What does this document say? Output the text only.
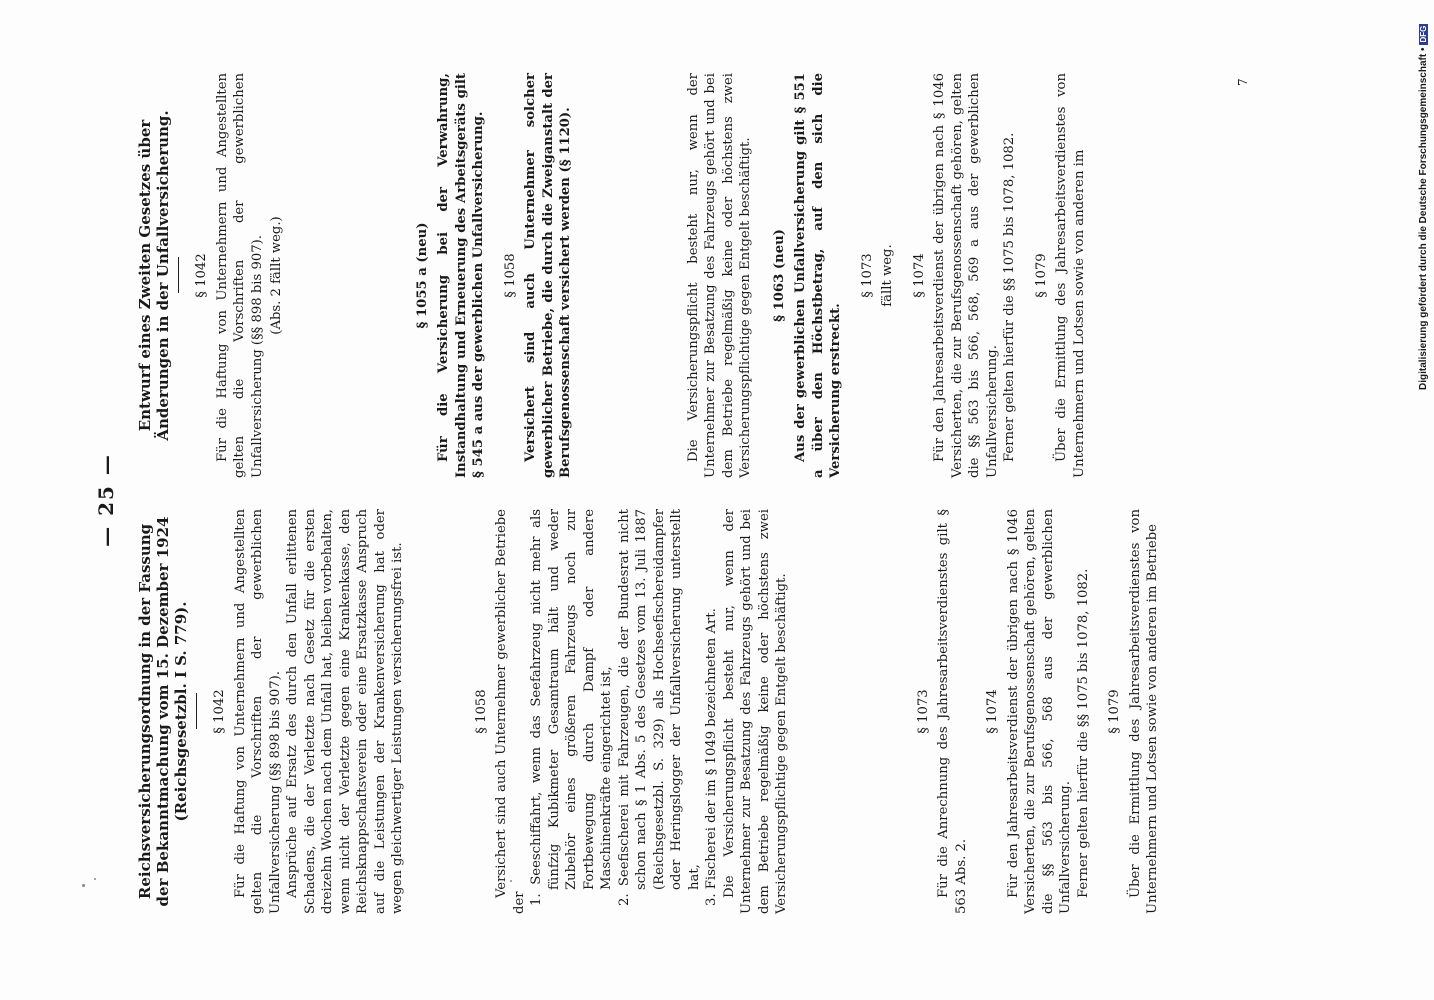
— 25 —
Reichsversicherungsordnung in der Fassung der Bekanntmachung vom 15. Dezember 1924 (Reichsgesetzbl. I S. 779). § 1042 Für die Haftung von Unternehmern und Angestellten gelten die Vorschriften der gewerblichen Unfallversicherung (§§ 898 bis 907). Ansprüche auf Ersatz des durch den Unfall erlittenen Schadens, die der Verletzte nach Gesetz für die ersten dreizehn Wochen nach dem Unfall hat, bleiben vorbehalten, wenn nicht der Verletzte gegen eine Krankenkasse, den Reichsknappschaftsverein oder eine Ersatzkasse Anspruch auf die Leistungen der Krankenversicherung hat oder wegen gleichwertiger Leistungen versicherungsfrei ist.	§ 1058 Versichert sind auch Unternehmer gewerblicher Betriebe der 1. Seeschiffahrt, wenn das Seefahrzeug nicht mehr als fünfzig Kubikmeter Gesamtraum hält und weder Zubehör eines größeren Fahrzeugs noch zur Fortbewegung durch Dampf oder andere Maschinenkräfte eingerichtet ist, 2. Seefischerei mit Fahrzeugen, die der Bundesrat nicht schon nach § 1 Abs. 5 des Gesetzes vom 13. Juli 1887 (Reichsgesetzbl. S. 329) als Hochseefischereidampfer oder Heringslogger der Unfallversicherung unterstellt hat, 3. Fischerei der im § 1049 bezeichneten Art. Die Versicherungspflicht besteht nur, wenn der Unternehmer zur Besatzung des Fahrzeugs gehört und bei dem Betriebe regelmäßig keine oder höchstens zwei Versicherungspflichtige gegen Entgelt beschäftigt.	§ 1073 Für die Anrechnung des Jahresarbeitsverdienstes gilt § 563 Abs. 2.

§ 1074 Für den Jahresarbeitsverdienst der übrigen nach § 1046 Versicherten, die zur Berufsgenossenschaft gehören, gelten die §§ 563 bis 566, 568 aus der gewerblichen Unfallversicherung. Ferner gelten hierfür die §§ 1075 bis 1078, 1082. § 1079 Über die Ermittlung des Jahresarbeitsverdienstes von Unternehmern und Lotsen sowie von anderen im Betriebe

Entwurf eines Zweiten Gesetzes über Änderungen in der Unfallversicherung. § 1042 Für die Haftung von Unternehmern und Angestellten gelten die Vorschriften der gewerblichen Unfallversicherung (§§ 898 bis 907). (Abs. 2 fällt weg.)	§ 1055 a (neu) Für die Versicherung bei der Verwahrung, Instandhaltung und Erneuerung des Arbeitsgeräts gilt § 545 a aus der gewerblichen Unfallversicherung. § 1058 Versichert sind auch Unternehmer solcher gewerblicher Betriebe, die durch die Zweiganstalt der Berufsgenossenschaft versichert werden (§ 1120).	Die Versicherungspflicht besteht nur, wenn der Unternehmer zur Besatzung des Fahrzeugs gehört und bei dem Betriebe regelmäßig keine oder höchstens zwei Versicherungspflichtige gegen Entgelt beschäftigt. § 1063 (neu) Aus der gewerblichen Unfallversicherung gilt § 551 a über den Höchstbetrag, auf den sich die Versicherung erstreckt.

§ 1073 fällt weg. § 1074 Für den Jahresarbeitsverdienst der übrigen nach § 1046 Versicherten, die zur Berufsgenossenschaft gehören, gelten die §§ 563 bis 566, 568, 569 a aus der gewerblichen Unfallversicherung. Ferner gelten hierfür die §§ 1075 bis 1078, 1082. § 1079 Über die Ermittlung des Jahresarbeitsverdienstes von Unternehmern und Lotsen sowie von anderen im

7	Digitalisierung gefördert durch die Deutsche Forschungsgemeinschaft •DFG
